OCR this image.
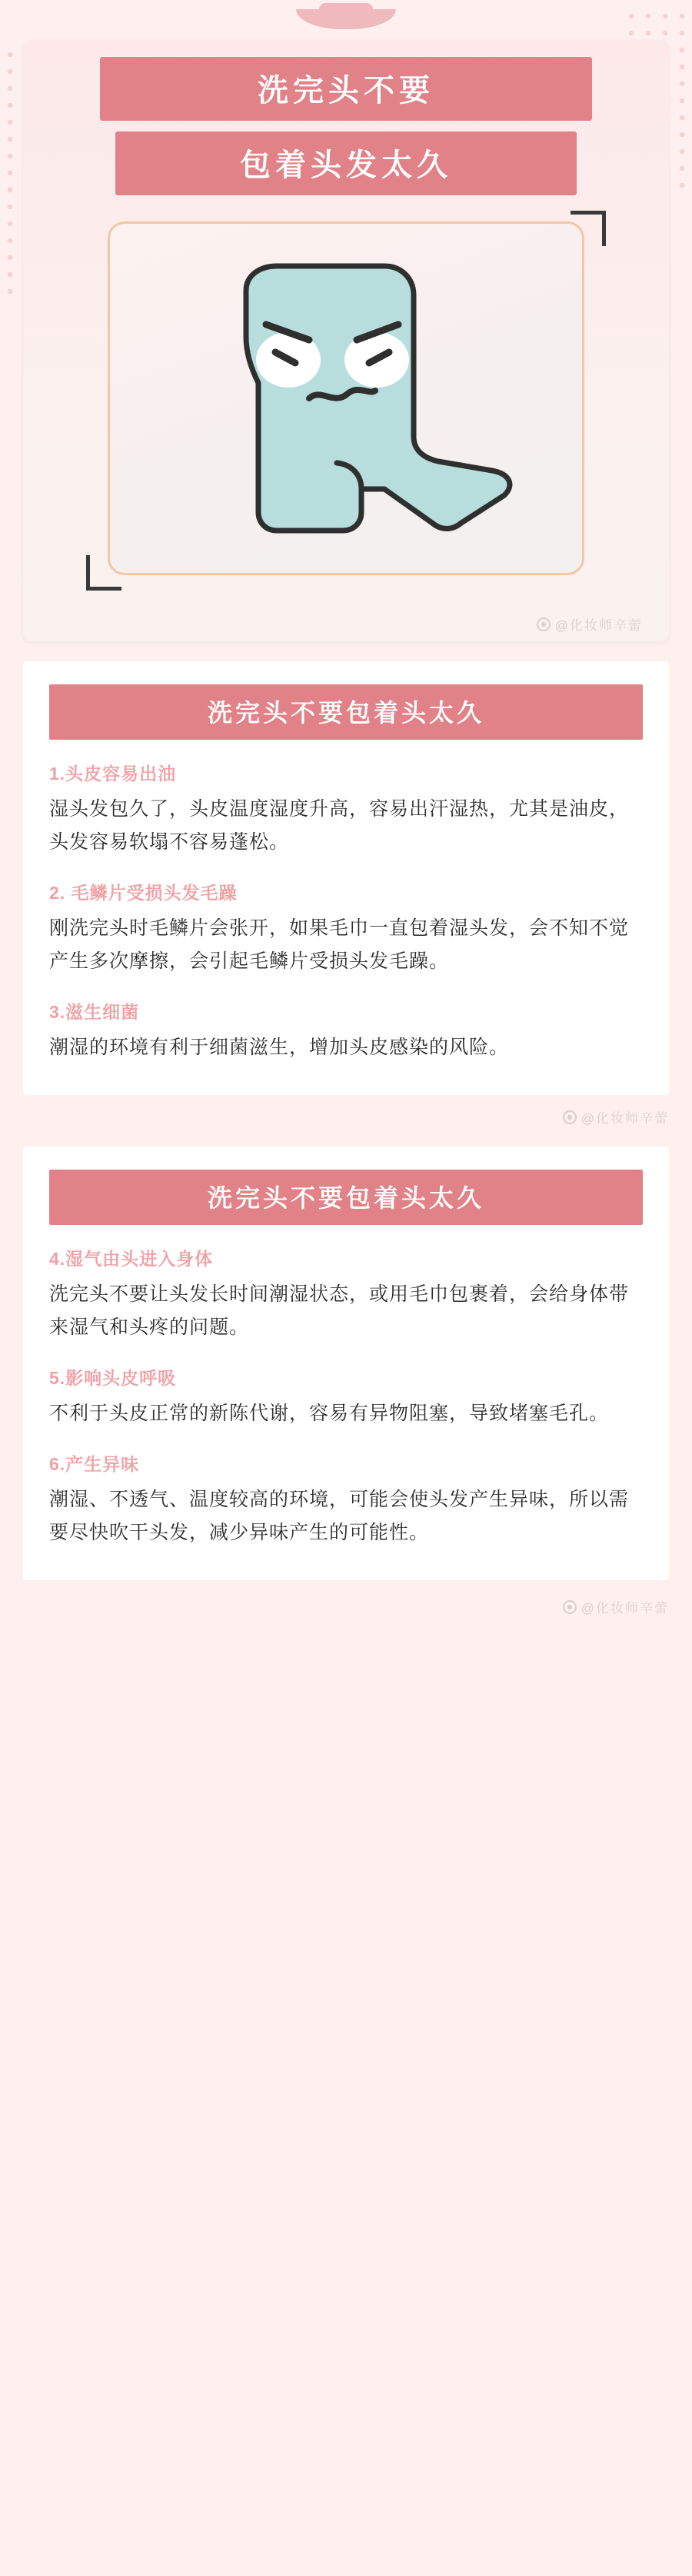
洗完头不要
包着头发太久
@化妆师辛蕾
洗完头不要包着头太久
1.头皮容易出油
湿头发包久了，头皮温度湿度升高，容易出汗湿热，尤其是油皮，头发容易软塌不容易蓬松。
2. 毛鳞片受损头发毛躁
刚洗完头时毛鳞片会张开，如果毛巾一直包着湿头发，会不知不觉产生多次摩擦，会引起毛鳞片受损头发毛躁。
3.滋生细菌
潮湿的环境有利于细菌滋生，增加头皮感染的风险。
@化妆师辛蕾
洗完头不要包着头太久
4.湿气由头进入身体
洗完头不要让头发长时间潮湿状态，或用毛巾包裹着，会给身体带来湿气和头疼的问题。
5.影响头皮呼吸
不利于头皮正常的新陈代谢，容易有异物阻塞，导致堵塞毛孔。
6.产生异味
潮湿、不透气、温度较高的环境，可能会使头发产生异味，所以需要尽快吹干头发，减少异味产生的可能性。
@化妆师辛蕾
